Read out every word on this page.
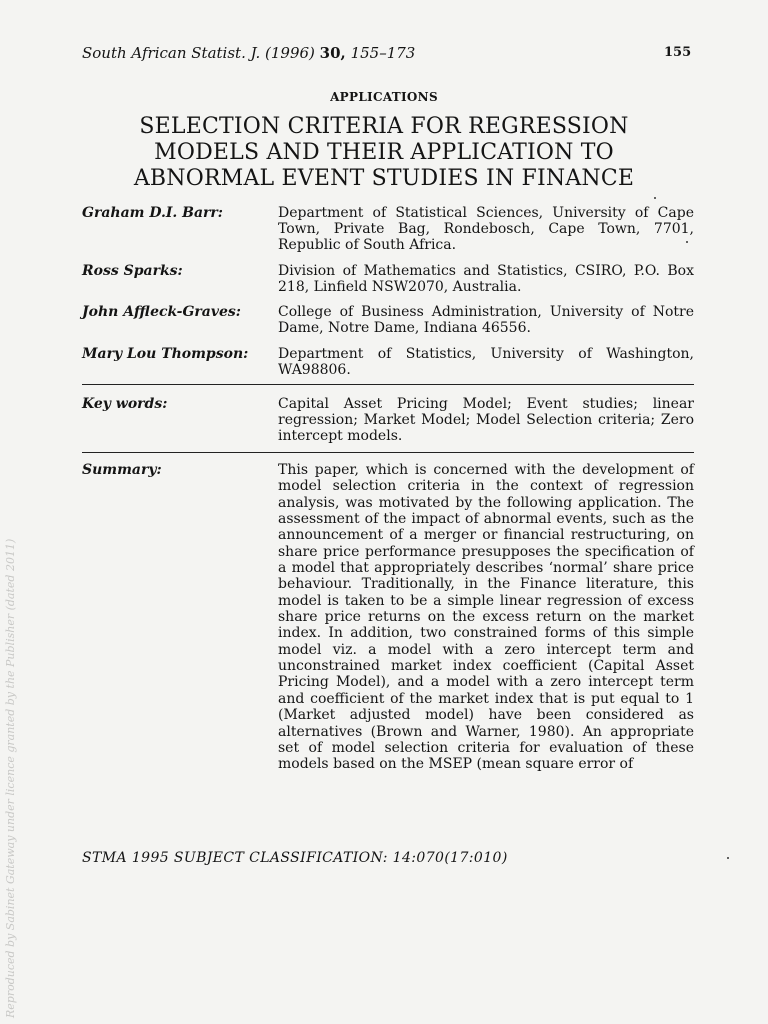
South African Statist. J. (1996) 30, 155–173	155
APPLICATIONS
SELECTION CRITERIA FOR REGRESSION
MODELS AND THEIR APPLICATION TO
ABNORMAL EVENT STUDIES IN FINANCE
Graham D.I. Barr:	Department of Statistical Sciences, University of Cape Town, Private Bag, Rondebosch, Cape Town, 7701, Republic of South Africa.
Ross Sparks:	Division of Mathematics and Statistics, CSIRO, P.O. Box 218, Linfield NSW2070, Australia.
John Affleck-Graves:	College of Business Administration, University of Notre Dame, Notre Dame, Indiana 46556.
Mary Lou Thompson:	Department of Statistics, University of Washington, WA98806.
Key words:	Capital Asset Pricing Model; Event studies; linear regression; Market Model; Model Selection criteria; Zero intercept models.
Summary:	This paper, which is concerned with the development of model selection criteria in the context of regression analysis, was motivated by the following application. The assessment of the impact of abnormal events, such as the announcement of a merger or financial restructuring, on share price performance presupposes the specification of a model that appropriately describes ‘normal’ share price behaviour. Traditionally, in the Finance literature, this model is taken to be a simple linear regression of excess share price returns on the excess return on the market index. In addition, two constrained forms of this simple model viz. a model with a zero intercept term and unconstrained market index coefficient (Capital Asset Pricing Model), and a model with a zero intercept term and coefficient of the market index that is put equal to 1 (Market adjusted model) have been considered as alternatives (Brown and Warner, 1980). An appropriate set of model selection criteria for evaluation of these models based on the MSEP (mean square error of
STMA 1995 SUBJECT CLASSIFICATION: 14:070(17:010)
Reproduced by Sabinet Gateway under licence granted by the Publisher (dated 2011)
